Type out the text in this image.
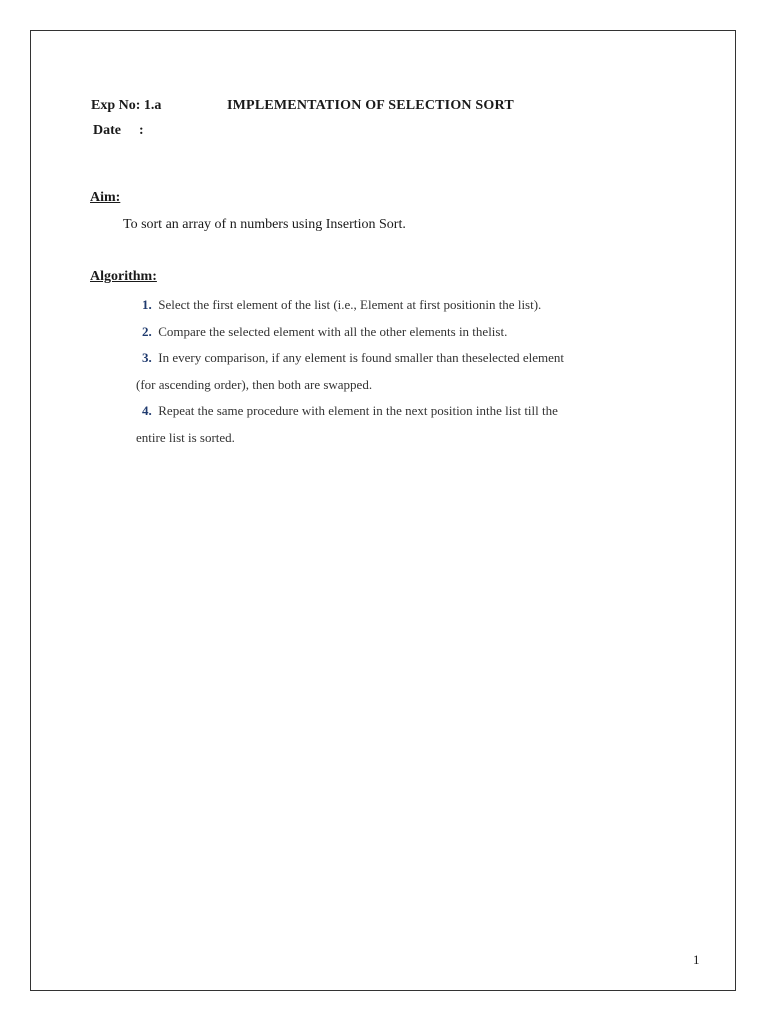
Exp No: 1.a	IMPLEMENTATION OF SELECTION SORT
Date :
Aim:
To sort an array of n numbers using Insertion Sort.
Algorithm:
1. Select the first element of the list (i.e., Element at first positionin the list).
2. Compare the selected element with all the other elements in thelist.
3. In every comparison, if any element is found smaller than theselected element
(for ascending order), then both are swapped.
4. Repeat the same procedure with element in the next position inthe list till the
entire list is sorted.
1
